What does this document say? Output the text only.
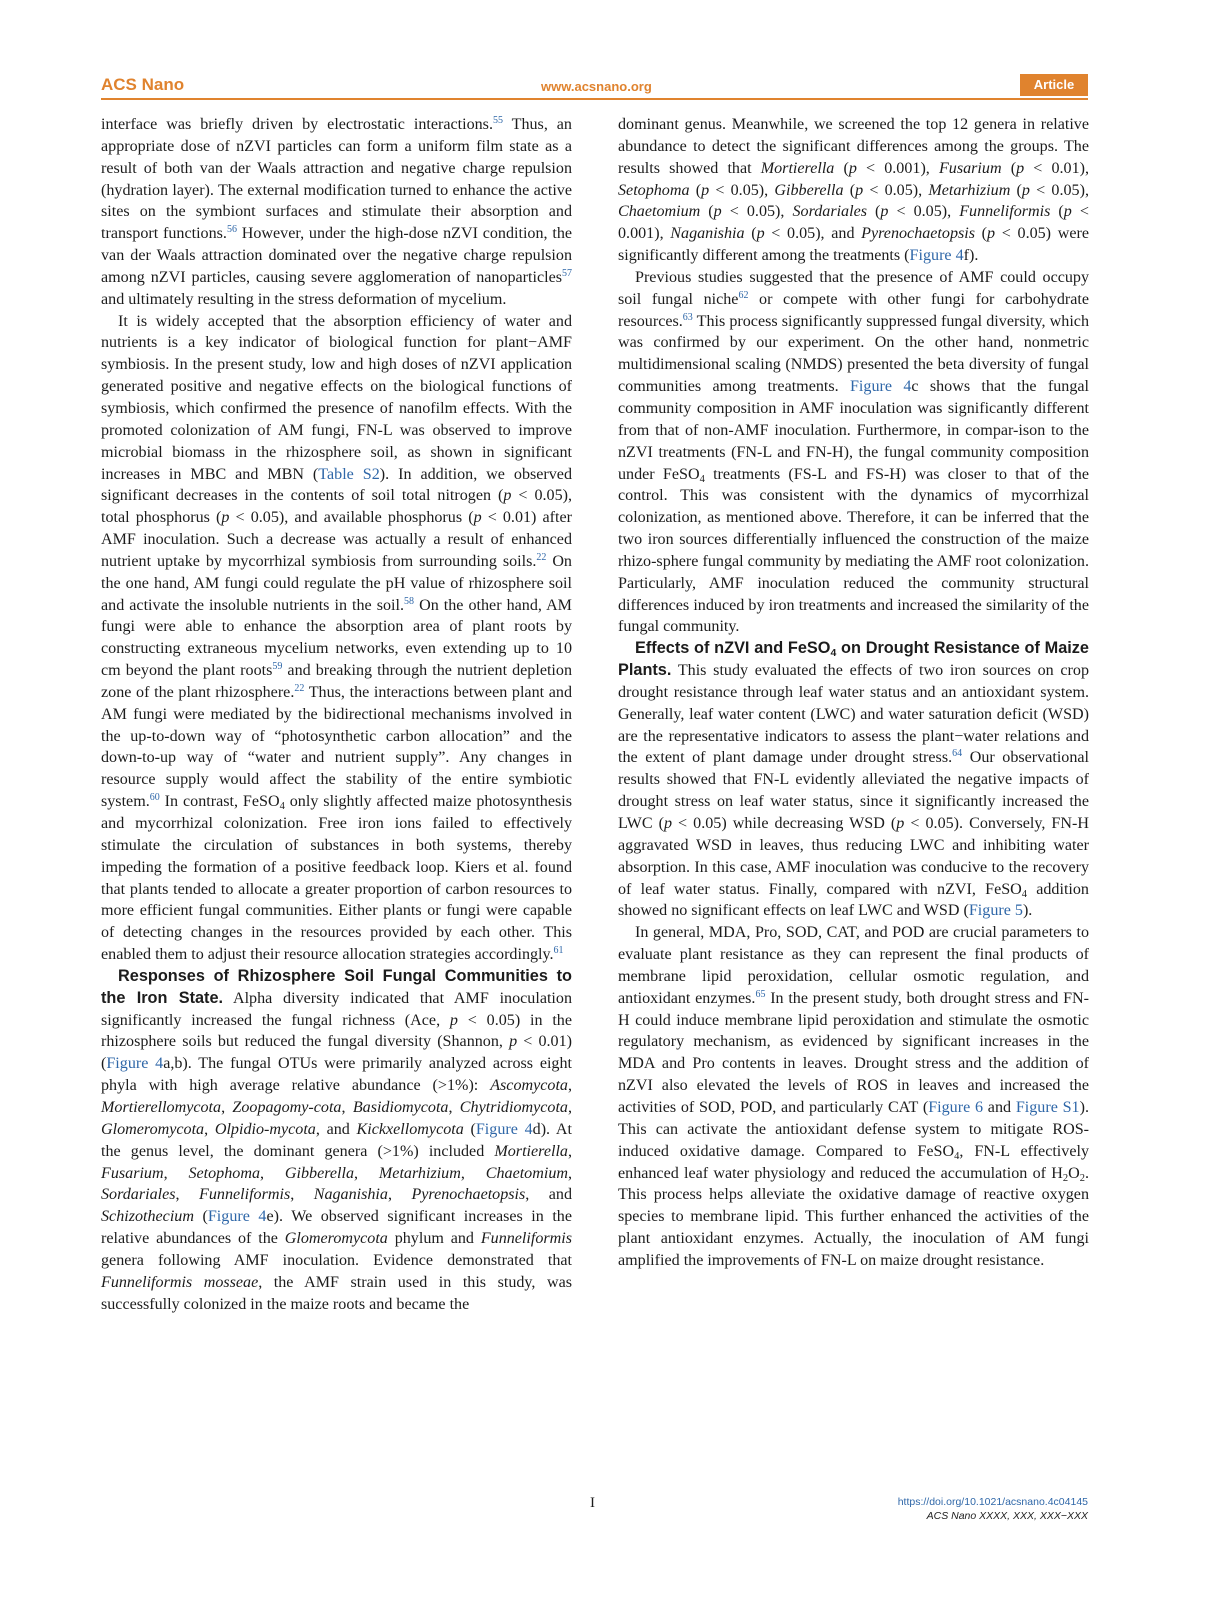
ACS Nano	www.acsnano.org	Article

interface was briefly driven by electrostatic interactions.$^{55}$ Thus, an appropriate dose of nZVI particles can form a uniform film state as a result of both van der Waals attraction and negative charge repulsion (hydration layer). The external modification turned to enhance the active sites on the symbiont surfaces and stimulate their absorption and transport functions.$^{56}$ However, under the high-dose nZVI condition, the van der Waals attraction dominated over the negative charge repulsion among nZVI particles, causing severe agglomeration of nanoparticles$^{57}$ and ultimately resulting in the stress deformation of mycelium.

It is widely accepted that the absorption efficiency of water and nutrients is a key indicator of biological function for plant−AMF symbiosis. In the present study, low and high doses of nZVI application generated positive and negative effects on the biological functions of symbiosis, which confirmed the presence of nanofilm effects. With the promoted colonization of AM fungi, FN-L was observed to improve microbial biomass in the rhizosphere soil, as shown in significant increases in MBC and MBN (Table S2). In addition, we observed significant decreases in the contents of soil total nitrogen (p < 0.05), total phosphorus (p < 0.05), and available phosphorus (p < 0.01) after AMF inoculation. Such a decrease was actually a result of enhanced nutrient uptake by mycorrhizal symbiosis from surrounding soils.$^{22}$ On the one hand, AM fungi could regulate the pH value of rhizosphere soil and activate the insoluble nutrients in the soil.$^{58}$ On the other hand, AM fungi were able to enhance the absorption area of plant roots by constructing extraneous mycelium networks, even extending up to 10 cm beyond the plant roots$^{59}$ and breaking through the nutrient depletion zone of the plant rhizosphere.$^{22}$ Thus, the interactions between plant and AM fungi were mediated by the bidirectional mechanisms involved in the up-to-down way of “photosynthetic carbon allocation” and the down-to-up way of “water and nutrient supply”. Any changes in resource supply would affect the stability of the entire symbiotic system.$^{60}$ In contrast, FeSO$_4$ only slightly affected maize photosynthesis and mycorrhizal colonization. Free iron ions failed to effectively stimulate the circulation of substances in both systems, thereby impeding the formation of a positive feedback loop. Kiers et al. found that plants tended to allocate a greater proportion of carbon resources to more efficient fungal communities. Either plants or fungi were capable of detecting changes in the resources provided by each other. This enabled them to adjust their resource allocation strategies accordingly.$^{61}$

Responses of Rhizosphere Soil Fungal Communities to the Iron State. Alpha diversity indicated that AMF inoculation significantly increased the fungal richness (Ace, p < 0.05) in the rhizosphere soils but reduced the fungal diversity (Shannon, p < 0.01) (Figure 4a,b). The fungal OTUs were primarily analyzed across eight phyla with high average relative abundance (>1%): Ascomycota, Mortierellomycota, Zoopagomy-cota, Basidiomycota, Chytridiomycota, Glomeromycota, Olpidio-mycota, and Kickxellomycota (Figure 4d). At the genus level, the dominant genera (>1%) included Mortierella, Fusarium, Setophoma, Gibberella, Metarhizium, Chaetomium, Sordariales, Funneliformis, Naganishia, Pyrenochaetopsis, and Schizothecium (Figure 4e). We observed significant increases in the relative abundances of the Glomeromycota phylum and Funneliformis genera following AMF inoculation. Evidence demonstrated that Funneliformis mosseae, the AMF strain used in this study, was successfully colonized in the maize roots and became the

dominant genus. Meanwhile, we screened the top 12 genera in relative abundance to detect the significant differences among the groups. The results showed that Mortierella (p < 0.001), Fusarium (p < 0.01), Setophoma (p < 0.05), Gibberella (p < 0.05), Metarhizium (p < 0.05), Chaetomium (p < 0.05), Sordariales (p < 0.05), Funneliformis (p < 0.001), Naganishia (p < 0.05), and Pyrenochaetopsis (p < 0.05) were significantly different among the treatments (Figure 4f).

Previous studies suggested that the presence of AMF could occupy soil fungal niche$^{62}$ or compete with other fungi for carbohydrate resources.$^{63}$ This process significantly suppressed fungal diversity, which was confirmed by our experiment. On the other hand, nonmetric multidimensional scaling (NMDS) presented the beta diversity of fungal communities among treatments. Figure 4c shows that the fungal community composition in AMF inoculation was significantly different from that of non-AMF inoculation. Furthermore, in compar-ison to the nZVI treatments (FN-L and FN-H), the fungal community composition under FeSO$_4$ treatments (FS-L and FS-H) was closer to that of the control. This was consistent with the dynamics of mycorrhizal colonization, as mentioned above. Therefore, it can be inferred that the two iron sources differentially influenced the construction of the maize rhizo-sphere fungal community by mediating the AMF root colonization. Particularly, AMF inoculation reduced the community structural differences induced by iron treatments and increased the similarity of the fungal community.

Effects of nZVI and FeSO$_4$ on Drought Resistance of Maize Plants. This study evaluated the effects of two iron sources on crop drought resistance through leaf water status and an antioxidant system. Generally, leaf water content (LWC) and water saturation deficit (WSD) are the representative indicators to assess the plant−water relations and the extent of plant damage under drought stress.$^{64}$ Our observational results showed that FN-L evidently alleviated the negative impacts of drought stress on leaf water status, since it significantly increased the LWC (p < 0.05) while decreasing WSD (p < 0.05). Conversely, FN-H aggravated WSD in leaves, thus reducing LWC and inhibiting water absorption. In this case, AMF inoculation was conducive to the recovery of leaf water status. Finally, compared with nZVI, FeSO$_4$ addition showed no significant effects on leaf LWC and WSD (Figure 5).

In general, MDA, Pro, SOD, CAT, and POD are crucial parameters to evaluate plant resistance as they can represent the final products of membrane lipid peroxidation, cellular osmotic regulation, and antioxidant enzymes.$^{65}$ In the present study, both drought stress and FN-H could induce membrane lipid peroxidation and stimulate the osmotic regulatory mechanism, as evidenced by significant increases in the MDA and Pro contents in leaves. Drought stress and the addition of nZVI also elevated the levels of ROS in leaves and increased the activities of SOD, POD, and particularly CAT (Figure 6 and Figure S1). This can activate the antioxidant defense system to mitigate ROS-induced oxidative damage. Compared to FeSO$_4$, FN-L effectively enhanced leaf water physiology and reduced the accumulation of $H_2O_2$. This process helps alleviate the oxidative damage of reactive oxygen species to membrane lipid. This further enhanced the activities of the plant antioxidant enzymes. Actually, the inoculation of AM fungi amplified the improvements of FN-L on maize drought resistance.

I	https://doi.org/10.1021/acsnano.4c04145
ACS Nano XXXX, XXX, XXX−XXX
